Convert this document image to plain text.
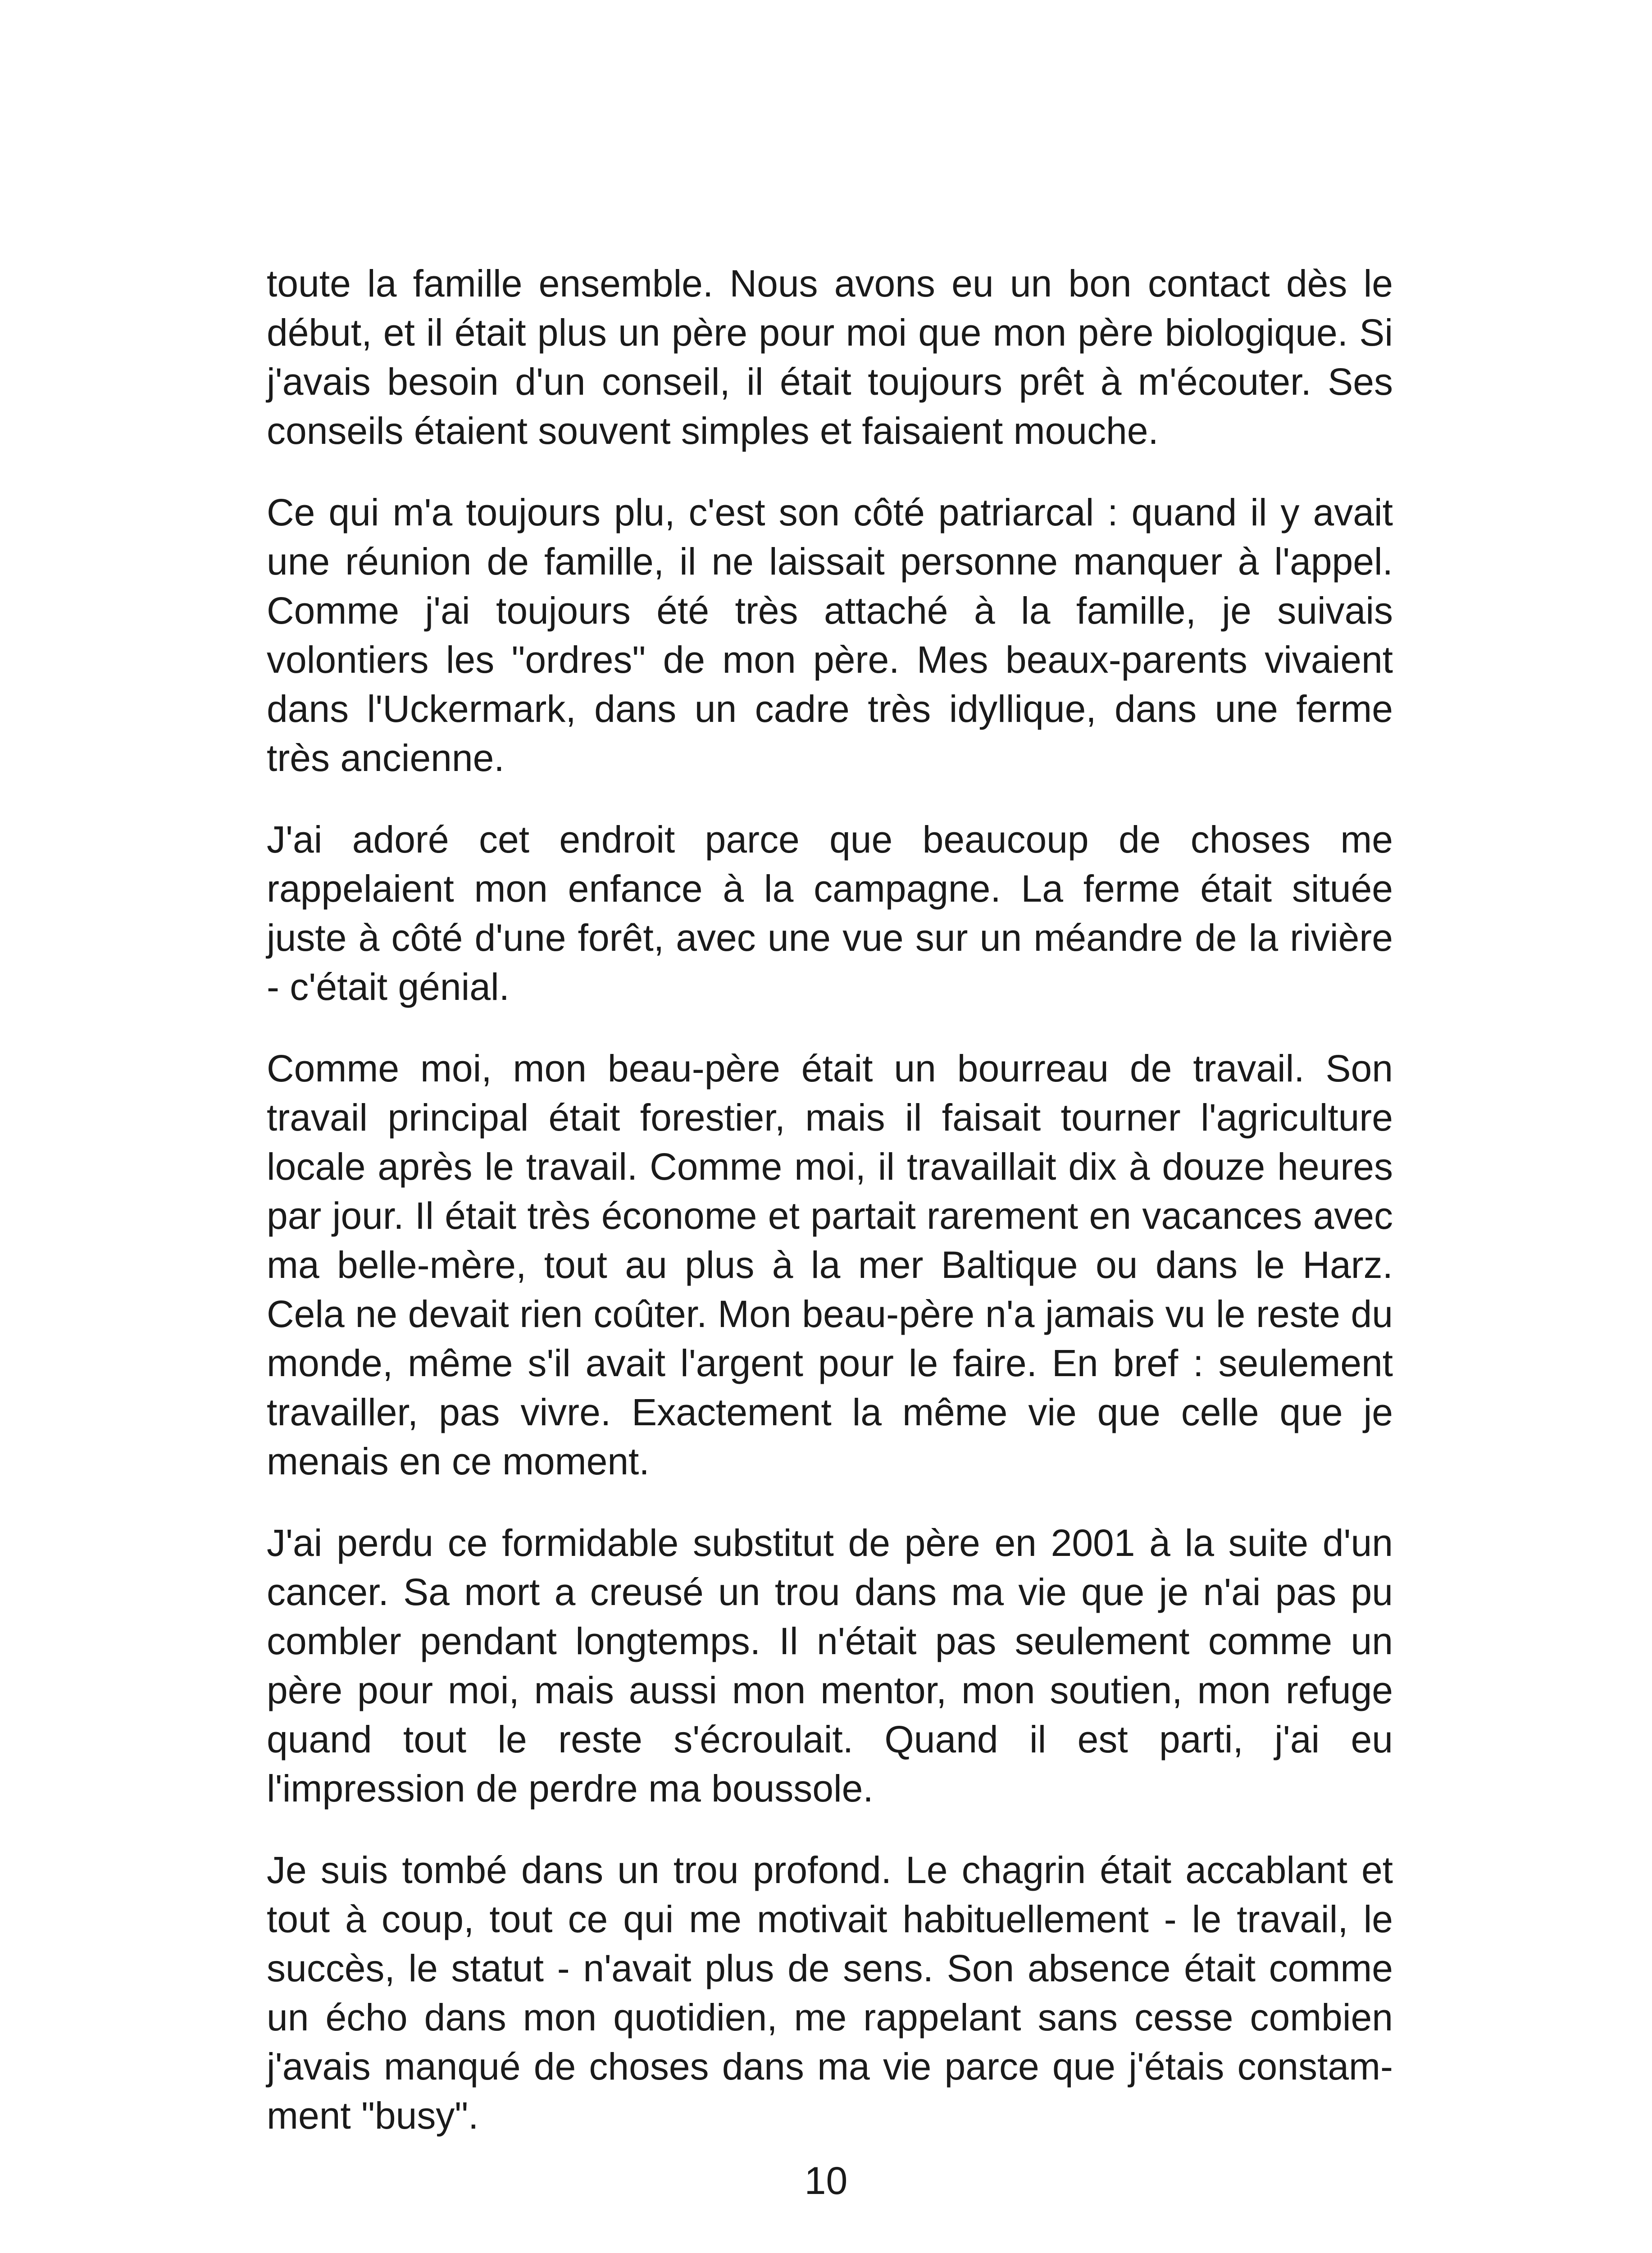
toute la famille ensemble. Nous avons eu un bon contact dès le début, et il était plus un père pour moi que mon père biologique. Si j'avais besoin d'un conseil, il était toujours prêt à m'écouter. Ses conseils étaient souvent simples et faisaient mouche.

Ce qui m'a toujours plu, c'est son côté patriarcal : quand il y avait une réunion de famille, il ne laissait personne manquer à l'appel. Comme j'ai toujours été très attaché à la famille, je suivais volontiers les "ordres" de mon père. Mes beaux-parents vivaient dans l'Uckermark, dans un cadre très idyllique, dans une ferme très ancienne.

J'ai adoré cet endroit parce que beaucoup de choses me rappelaient mon enfance à la campagne. La ferme était située juste à côté d'une forêt, avec une vue sur un méandre de la rivière - c'était génial.

Comme moi, mon beau-père était un bourreau de travail. Son travail principal était forestier, mais il faisait tourner l'agriculture locale après le travail. Comme moi, il travaillait dix à douze heures par jour. Il était très économe et partait rarement en vacances avec ma belle-mère, tout au plus à la mer Baltique ou dans le Harz. Cela ne devait rien coûter. Mon beau-père n'a jamais vu le reste du monde, même s'il avait l'argent pour le faire. En bref : seulement travailler, pas vivre. Exactement la même vie que celle que je menais en ce moment.

J'ai perdu ce formidable substitut de père en 2001 à la suite d'un cancer. Sa mort a creusé un trou dans ma vie que je n'ai pas pu combler pendant longtemps. Il n'était pas seulement comme un père pour moi, mais aussi mon mentor, mon soutien, mon refuge quand tout le reste s'écroulait. Quand il est parti, j'ai eu l'impression de perdre ma boussole.

Je suis tombé dans un trou profond. Le chagrin était accablant et tout à coup, tout ce qui me motivait habituellement - le travail, le succès, le statut - n'avait plus de sens. Son absence était comme un écho dans mon quotidien, me rappelant sans cesse combien j'avais manqué de choses dans ma vie parce que j'étais constamment "busy".

10
